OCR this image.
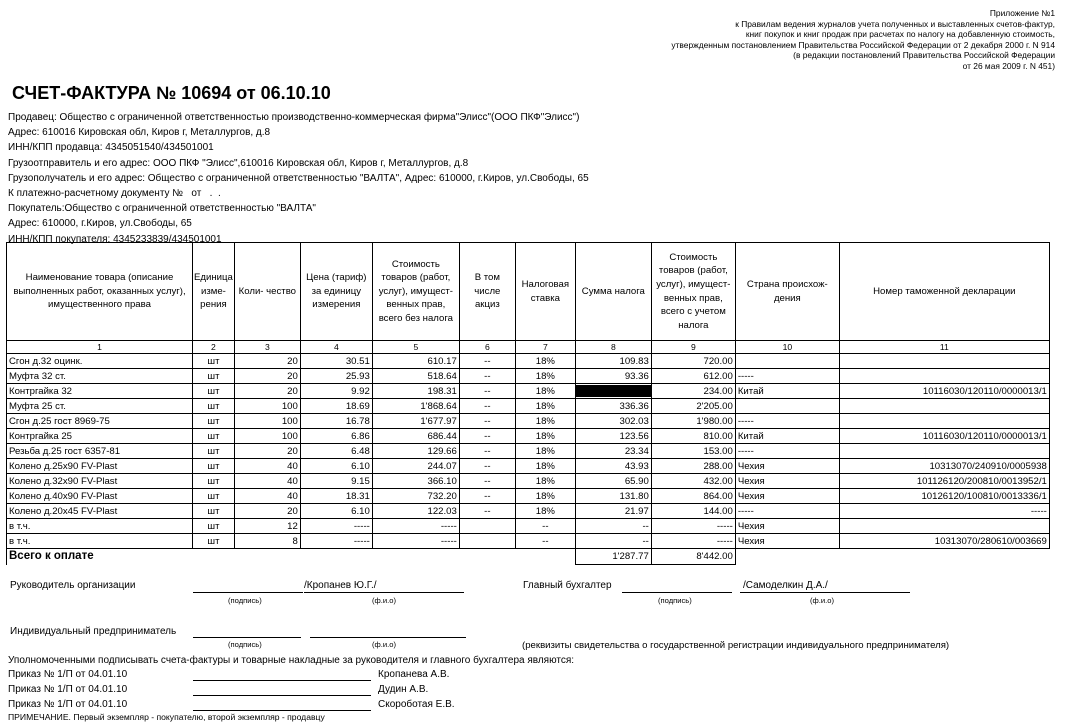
Приложение №1
к Правилам ведения журналов учета полученных и выставленных счетов-фактур,
книг покупок и книг продаж при расчетах по налогу на добавленную стоимость,
утвержденным постановлением Правительства Российской Федерации от 2 декабря 2000 г. N 914
(в редакции постановлений Правительства Российской Федерации
от 26 мая 2009 г. N 451)
СЧЕТ-ФАКТУРА № 10694 от 06.10.10
Продавец: Общество с ограниченной ответственностью производственно-коммерческая фирма"Элисс"(ООО ПКФ"Элисс")
Адрес: 610016 Кировская обл, Киров г, Металлургов, д.8
ИНН/КПП продавца: 4345051540/434501001
Грузоотправитель и его адрес: ООО ПКФ "Элисс",610016 Кировская обл, Киров г, Металлургов, д.8
Грузополучатель и его адрес: Общество с ограниченной ответственностью "ВАЛТА", Адрес: 610000, г.Киров, ул.Свободы, 65
К платежно-расчетному документу №   от   .  .
Покупатель:Общество с ограниченной ответственностью "ВАЛТА"
Адрес: 610000, г.Киров, ул.Свободы, 65
ИНН/КПП покупателя: 4345233839/434501001
Наименование товара (описание выполненных работ, оказанных услуг), имущественного права	Единица изме- рения	Коли- чество	Цена (тариф) за единицу измерения	Стоимость товаров (работ, услуг), имущест- венных прав, всего без налога	В том числе акциз	Налоговая ставка	Сумма налога	Стоимость товаров (работ, услуг), имущест- венных прав, всего с учетом налога	Страна происхож- дения	Номер таможенной декларации
1	2	3	4	5	6	7	8	9	10	11
Сгон д.32 оцинк.	шт	20	30.51	610.17	--	18%	109.83	720.00		
Муфта 32 ст.	шт	20	25.93	518.64	--	18%	93.36	612.00	-----	
Контргайка 32	шт	20	9.92	198.31	--	18%	35.69	234.00	Китай	10116030/120110/0000013/1
Муфта 25 ст.	шт	100	18.69	1'868.64	--	18%	336.36	2'205.00		
Сгон д.25 гост 8969-75	шт	100	16.78	1'677.97	--	18%	302.03	1'980.00	-----	
Контргайка 25	шт	100	6.86	686.44	--	18%	123.56	810.00	Китай	10116030/120110/0000013/1
Резьба д.25 гост 6357-81	шт	20	6.48	129.66	--	18%	23.34	153.00	-----	
Колено д.25х90 FV-Plast	шт	40	6.10	244.07	--	18%	43.93	288.00	Чехия	10313070/240910/0005938
Колено д.32х90 FV-Plast	шт	40	9.15	366.10	--	18%	65.90	432.00	Чехия	101126120/200810/0013952/1
Колено д.40х90 FV-Plast	шт	40	18.31	732.20	--	18%	131.80	864.00	Чехия	10126120/100810/0013336/1
Колено д.20х45 FV-Plast	шт	20	6.10	122.03	--	18%	21.97	144.00	-----	-----
в т.ч.	шт	12	-----	-----		--	--	-----	Чехия	
в т.ч.	шт	8	-----	-----		--	--	-----	Чехия	10313070/280610/003669
Всего к оплате							1'287.77	8'442.00		
Руководитель организации	/Кропанев Ю.Г./
(подпись)	(ф.и.о)
Главный бухгалтер	/Самоделкин Д.А./
(подпись)	(ф.и.о)
Индивидуальный предприниматель
(подпись)	(ф.и.о)	(реквизиты свидетельства о государственной регистрации индивидуального предпринимателя)
Уполномоченными подписывать счета-фактуры и товарные накладные за руководителя и главного бухгалтера являются:
Приказ № 1/П от 04.01.10	Кропанева А.В.
Приказ № 1/П от 04.01.10	Дудин А.В.
Приказ № 1/П от 04.01.10	Скороботая Е.В.
ПРИМЕЧАНИЕ. Первый экземпляр - покупателю, второй экземпляр - продавцу
